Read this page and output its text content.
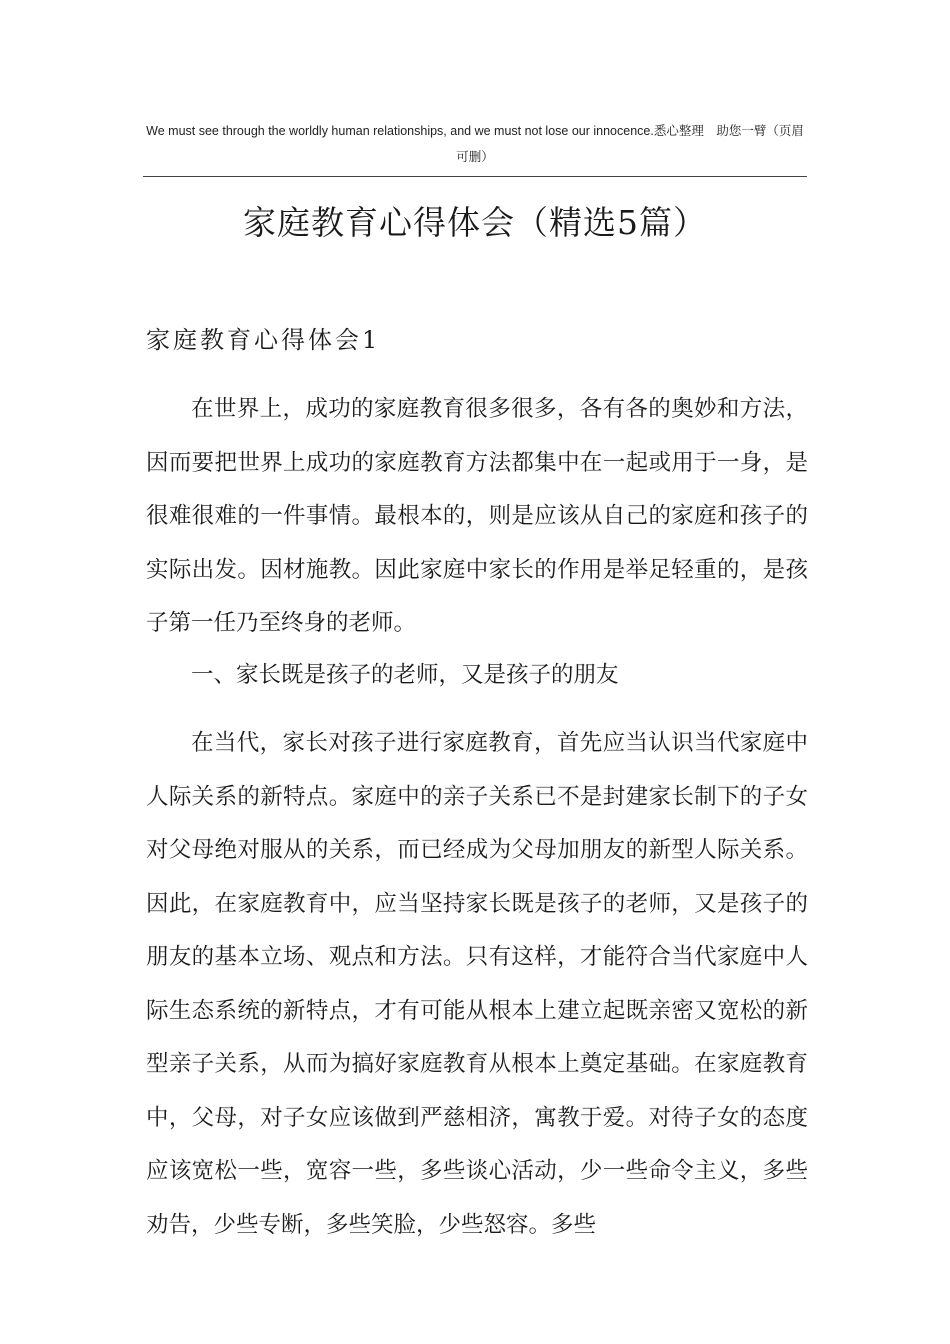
We must see through the worldly human relationships, and we must not lose our innocence.悉心整理　助您一臂（页眉可删）
家庭教育心得体会（精选5篇）
家庭教育心得体会1

在世界上，成功的家庭教育很多很多，各有各的奥妙和方法，因而要把世界上成功的家庭教育方法都集中在一起或用于一身，是很难很难的一件事情。最根本的，则是应该从自己的家庭和孩子的实际出发。因材施教。因此家庭中家长的作用是举足轻重的，是孩子第一任乃至终身的老师。

一、家长既是孩子的老师，又是孩子的朋友

在当代，家长对孩子进行家庭教育，首先应当认识当代家庭中人际关系的新特点。家庭中的亲子关系已不是封建家长制下的子女对父母绝对服从的关系，而已经成为父母加朋友的新型人际关系。因此，在家庭教育中，应当坚持家长既是孩子的老师，又是孩子的朋友的基本立场、观点和方法。只有这样，才能符合当代家庭中人际生态系统的新特点，才有可能从根本上建立起既亲密又宽松的新型亲子关系，从而为搞好家庭教育从根本上奠定基础。在家庭教育中，父母，对子女应该做到严慈相济，寓教于爱。对待子女的态度应该宽松一些，宽容一些，多些谈心活动，少一些命令主义，多些劝告，少些专断，多些笑脸，少些怒容。多些
